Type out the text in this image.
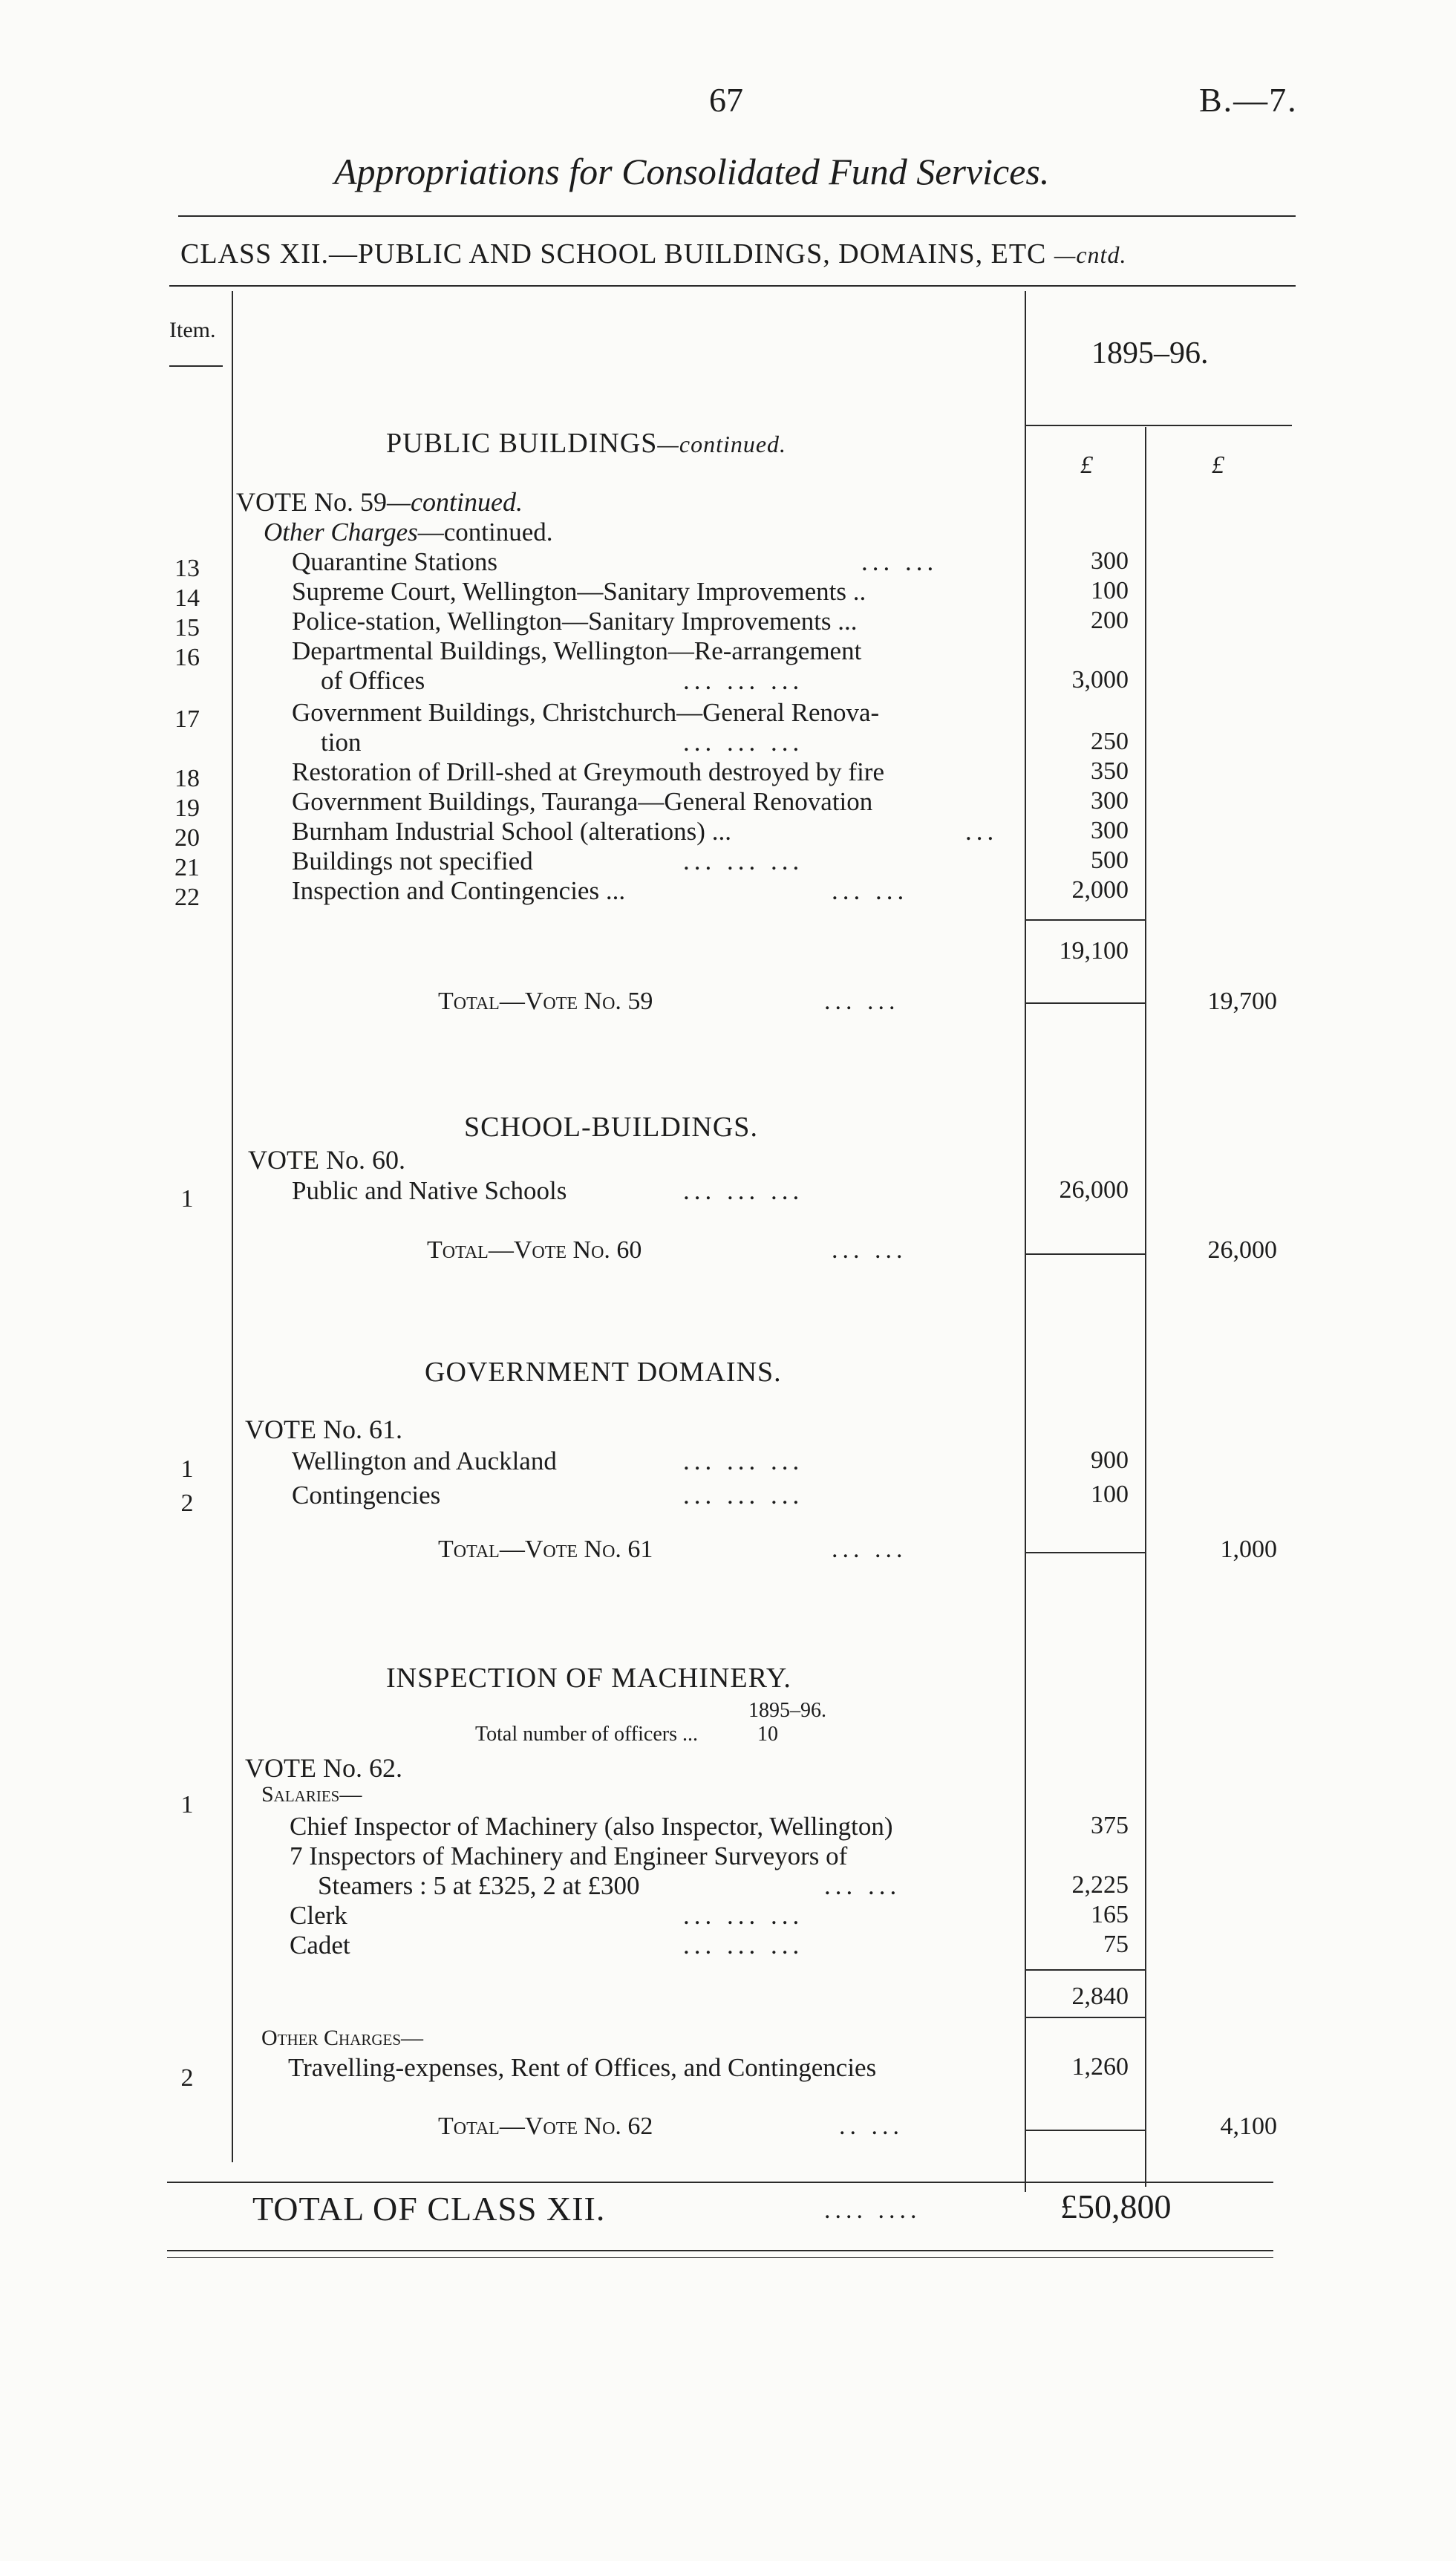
67	B.—7.
Appropriations for Consolidated Fund Services.
CLASS XII.—PUBLIC AND SCHOOL BUILDINGS, DOMAINS, ETC —cntd.
Item.
1895–96.
£	£
PUBLIC BUILDINGS—continued.
VOTE No. 59—continued.
Other Charges—continued.
13	Quarantine Stations	... ...	300
14	Supreme Court, Wellington—Sanitary Improvements ..	100
15	Police-station, Wellington—Sanitary Improvements ...	200
16	Departmental Buildings, Wellington—Re-arrangement
of Offices	... ... ...	3,000
17	Government Buildings, Christchurch—General Renova-
tion	... ... ...	250
18	Restoration of Drill-shed at Greymouth destroyed by fire	350
19	Government Buildings, Tauranga—General Renovation	300
20	Burnham Industrial School (alterations) ...	...	300
21	Buildings not specified	... ... ...	500
22	Inspection and Contingencies ...	... ...	2,000
19,100
Total—Vote No. 59	... ...	19,700
SCHOOL-BUILDINGS.
VOTE No. 60.
1	Public and Native Schools	... ... ...	26,000
Total—Vote No. 60	... ...	26,000
GOVERNMENT DOMAINS.
VOTE No. 61.
1	Wellington and Auckland	... ... ...	900
2	Contingencies	... ... ...	100
Total—Vote No. 61	... ...	1,000
INSPECTION OF MACHINERY.
1895–96.
Total number of officers ...	10
VOTE No. 62.
1	Salaries—
Chief Inspector of Machinery (also Inspector, Wellington)	375
7 Inspectors of Machinery and Engineer Surveyors of
Steamers : 5 at £325, 2 at £300	... ...	2,225
Clerk	... ... ...	165
Cadet	... ... ...	75
2,840
Other Charges—
2	Travelling-expenses, Rent of Offices, and Contingencies	1,260
Total—Vote No. 62	.. ...	4,100
TOTAL OF CLASS XII.	.... ....	£50,800
